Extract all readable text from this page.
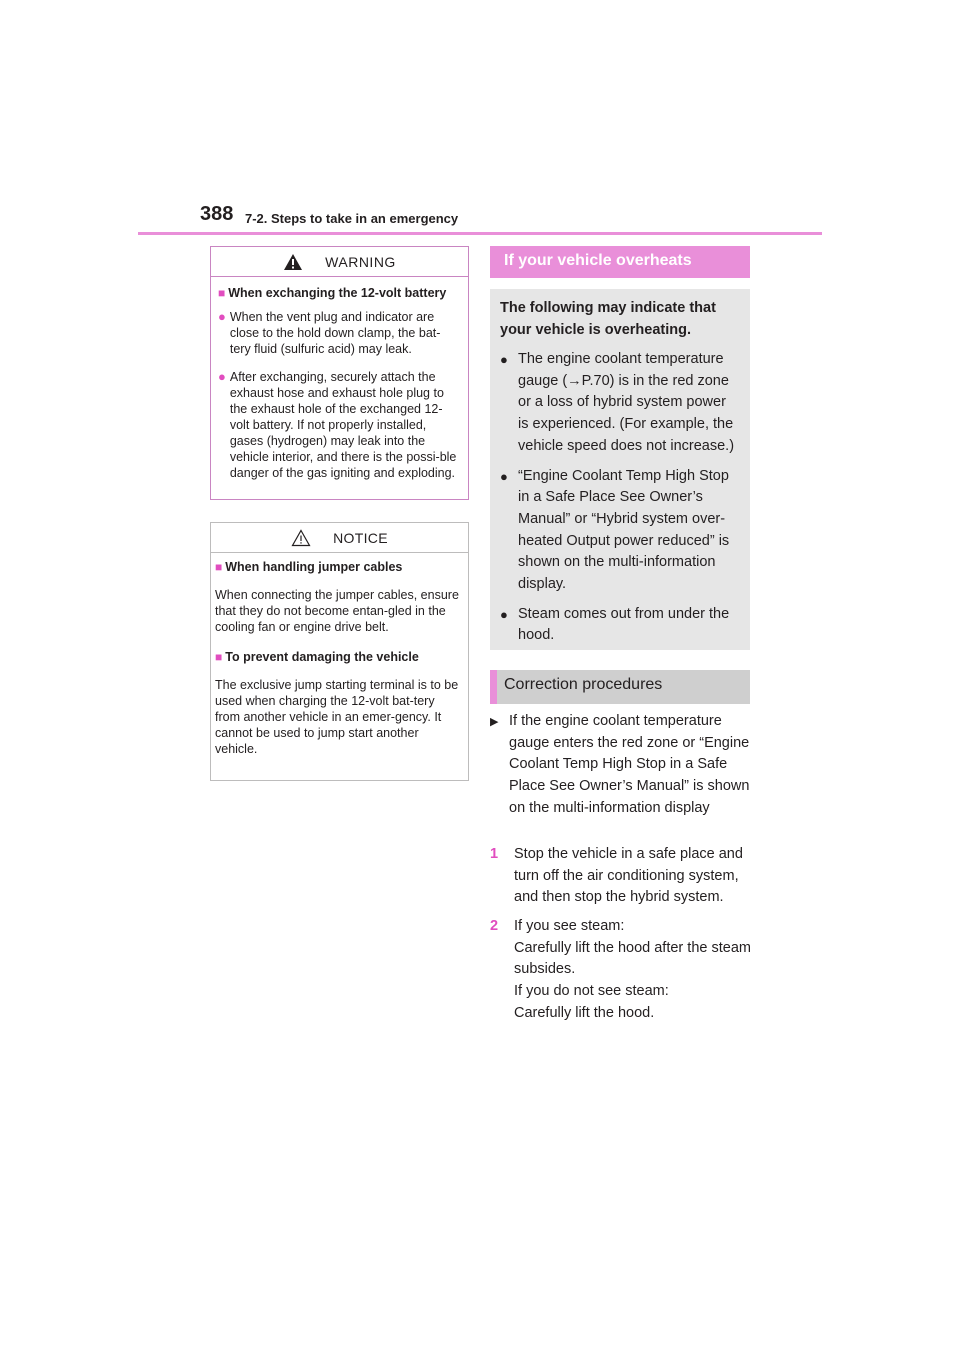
388 7-2. Steps to take in an emergency
WARNING
■ When exchanging the 12-volt battery
● When the vent plug and indicator are close to the hold down clamp, the bat-tery fluid (sulfuric acid) may leak.
● After exchanging, securely attach the exhaust hose and exhaust hole plug to the exhaust hole of the exchanged 12-volt battery. If not properly installed, gases (hydrogen) may leak into the vehicle interior, and there is the possi-ble danger of the gas igniting and exploding.
NOTICE
■ When handling jumper cables

When connecting the jumper cables, ensure that they do not become entan-gled in the cooling fan or engine drive belt.

■ To prevent damaging the vehicle

The exclusive jump starting terminal is to be used when charging the 12-volt bat-tery from another vehicle in an emer-gency. It cannot be used to jump start another vehicle.

If your vehicle overheats

The following may indicate that your vehicle is overheating.

● The engine coolant temperature gauge (→P.70) is in the red zone or a loss of hybrid system power is experienced. (For example, the vehicle speed does not increase.)
● “Engine Coolant Temp High Stop in a Safe Place See Owner’s Manual” or “Hybrid system over-heated Output power reduced” is shown on the multi-information display.
● Steam comes out from under the hood.
Correction procedures
▶ If the engine coolant temperature gauge enters the red zone or “Engine Coolant Temp High Stop in a Safe Place See Owner’s Manual” is shown on the multi-information display
1	Stop the vehicle in a safe place and turn off the air conditioning system, and then stop the hybrid system.
2	If you see steam:
Carefully lift the hood after the steam subsides.
If you do not see steam:
Carefully lift the hood.
